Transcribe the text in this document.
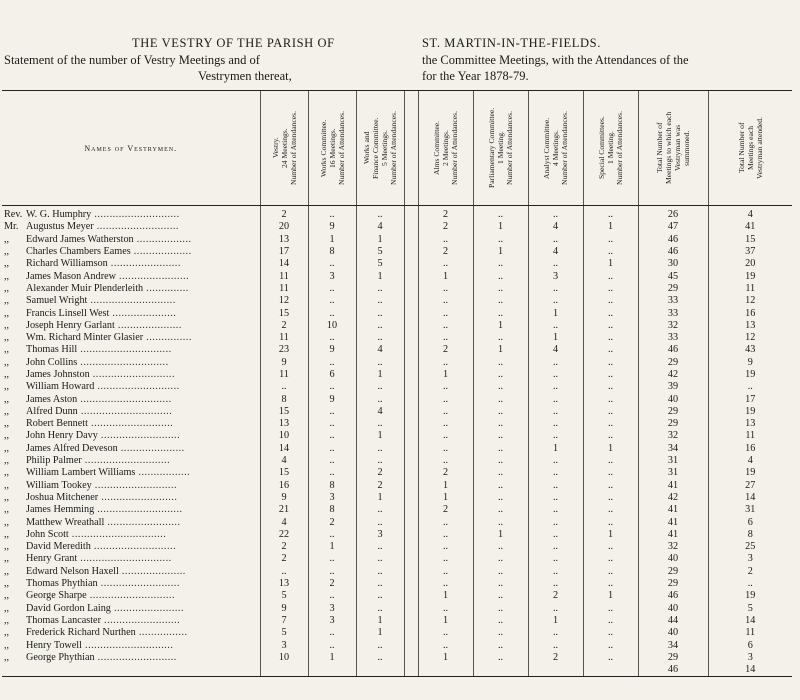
THE VESTRY OF THE PARISH OF	ST. MARTIN-IN-THE-FIELDS.
Statement of the number of Vestry Meetings and of
Vestrymen thereat,
the Committee Meetings, with the Attendances of the
for the Year 1878-79.
Names of Vestrymen.	Vestry.
24 Meetings.
Number of Attendances.	Works Committee.
16 Meetings.
Number of Attendances.	Works and
Finance Committee.
5 Meetings.
Number of Attendances.		Alms Committee.
2 Meetings.
Number of Attendances.	Parliamentary Committee.
1 Meeting.
Number of Attendances.	Analyst Committee.
4 Meetings.
Number of Attendances.	Special Committees.
1 Meeting.
Number of Attendances.	Total Number of
Meetings to which each
Vestryman was
summoned.	Total Number of
Meetings each
Vestryman attended.

Rev. W. G. Humphry ............................	2	..	..		2	..	..	..	26	4
Mr. Augustus Meyer ...........................	20	9	4		2	1	4	1	47	41
,, Edward James Watherston ..................	13	1	1		..	..	..	..	46	15
,, Charles Chambers Eames ...................	17	8	5		2	1	4	..	46	37
,, Richard Williamson .......................	14	..	5		..	..	..	1	30	20
,, James Mason Andrew .......................	11	3	1		1	..	3	..	45	19
,, Alexander Muir Plenderleith ..............	11	..	..		..	..	..	..	29	11
,, Samuel Wright ............................	12	..	..		..	..	..	..	33	12
,, Francis Linsell West .....................	15	..	..		..	..	1	..	33	16
,, Joseph Henry Garlant .....................	2	10	..		..	1	..	..	32	13
,, Wm. Richard Minter Glasier ...............	11	..	..		..	..	1	..	33	12
,, Thomas Hill ..............................	23	9	4		2	1	4	..	46	43
,, John Collins .............................	9	..	..		..	..	..	..	29	9
,, James Johnston ...........................	11	6	1		1	..	..	..	42	19
,, William Howard ...........................	..	..	..		..	..	..	..	39	..
,, James Aston ..............................	8	9	..		..	..	..	..	40	17
,, Alfred Dunn ..............................	15	..	4		..	..	..	..	29	19
,, Robert Bennett ...........................	13	..	..		..	..	..	..	29	13
,, John Henry Davy ..........................	10	..	1		..	..	..	..	32	11
,, James Alfred Deveson .....................	14	..	..		..	..	1	1	34	16
,, Philip Palmer ............................	4	..	..		..	..	..	..	31	4
,, William Lambert Williams .................	15	..	2		2	..	..	..	31	19
,, William Tookey ...........................	16	8	2		1	..	..	..	41	27
,, Joshua Mitchener .........................	9	3	1		1	..	..	..	42	14
,, James Hemming ............................	21	8	..		2	..	..	..	41	31
,, Matthew Wreathall ........................	4	2	..		..	..	..	..	41	6
,, John Scott ...............................	22	..	3		..	1	..	1	41	8
,, David Meredith ...........................	2	1	..		..	..	..	..	32	25
,, Henry Grant ..............................	2	..	..		..	..	..	..	40	3
,, Edward Nelson Haxell .....................	..	..	..		..	..	..	..	29	2
,, Thomas Phythian ..........................	13	2	..		..	..	..	..	29	..
,, George Sharpe ............................	5	..	..		1	..	2	1	46	19
,, David Gordon Laing .......................	9	3	..		..	..	..	..	40	5
,, Thomas Lancaster .........................	7	3	1		1	..	1	..	44	14
,, Frederick Richard Nurthen ................	5	..	1		..	..	..	..	40	11
,, Henry Towell .............................	3	..	..		..	..	..	..	34	6
,, George Phythian ..........................	10	1	..		1	..	2	..	29	3
									46	14
